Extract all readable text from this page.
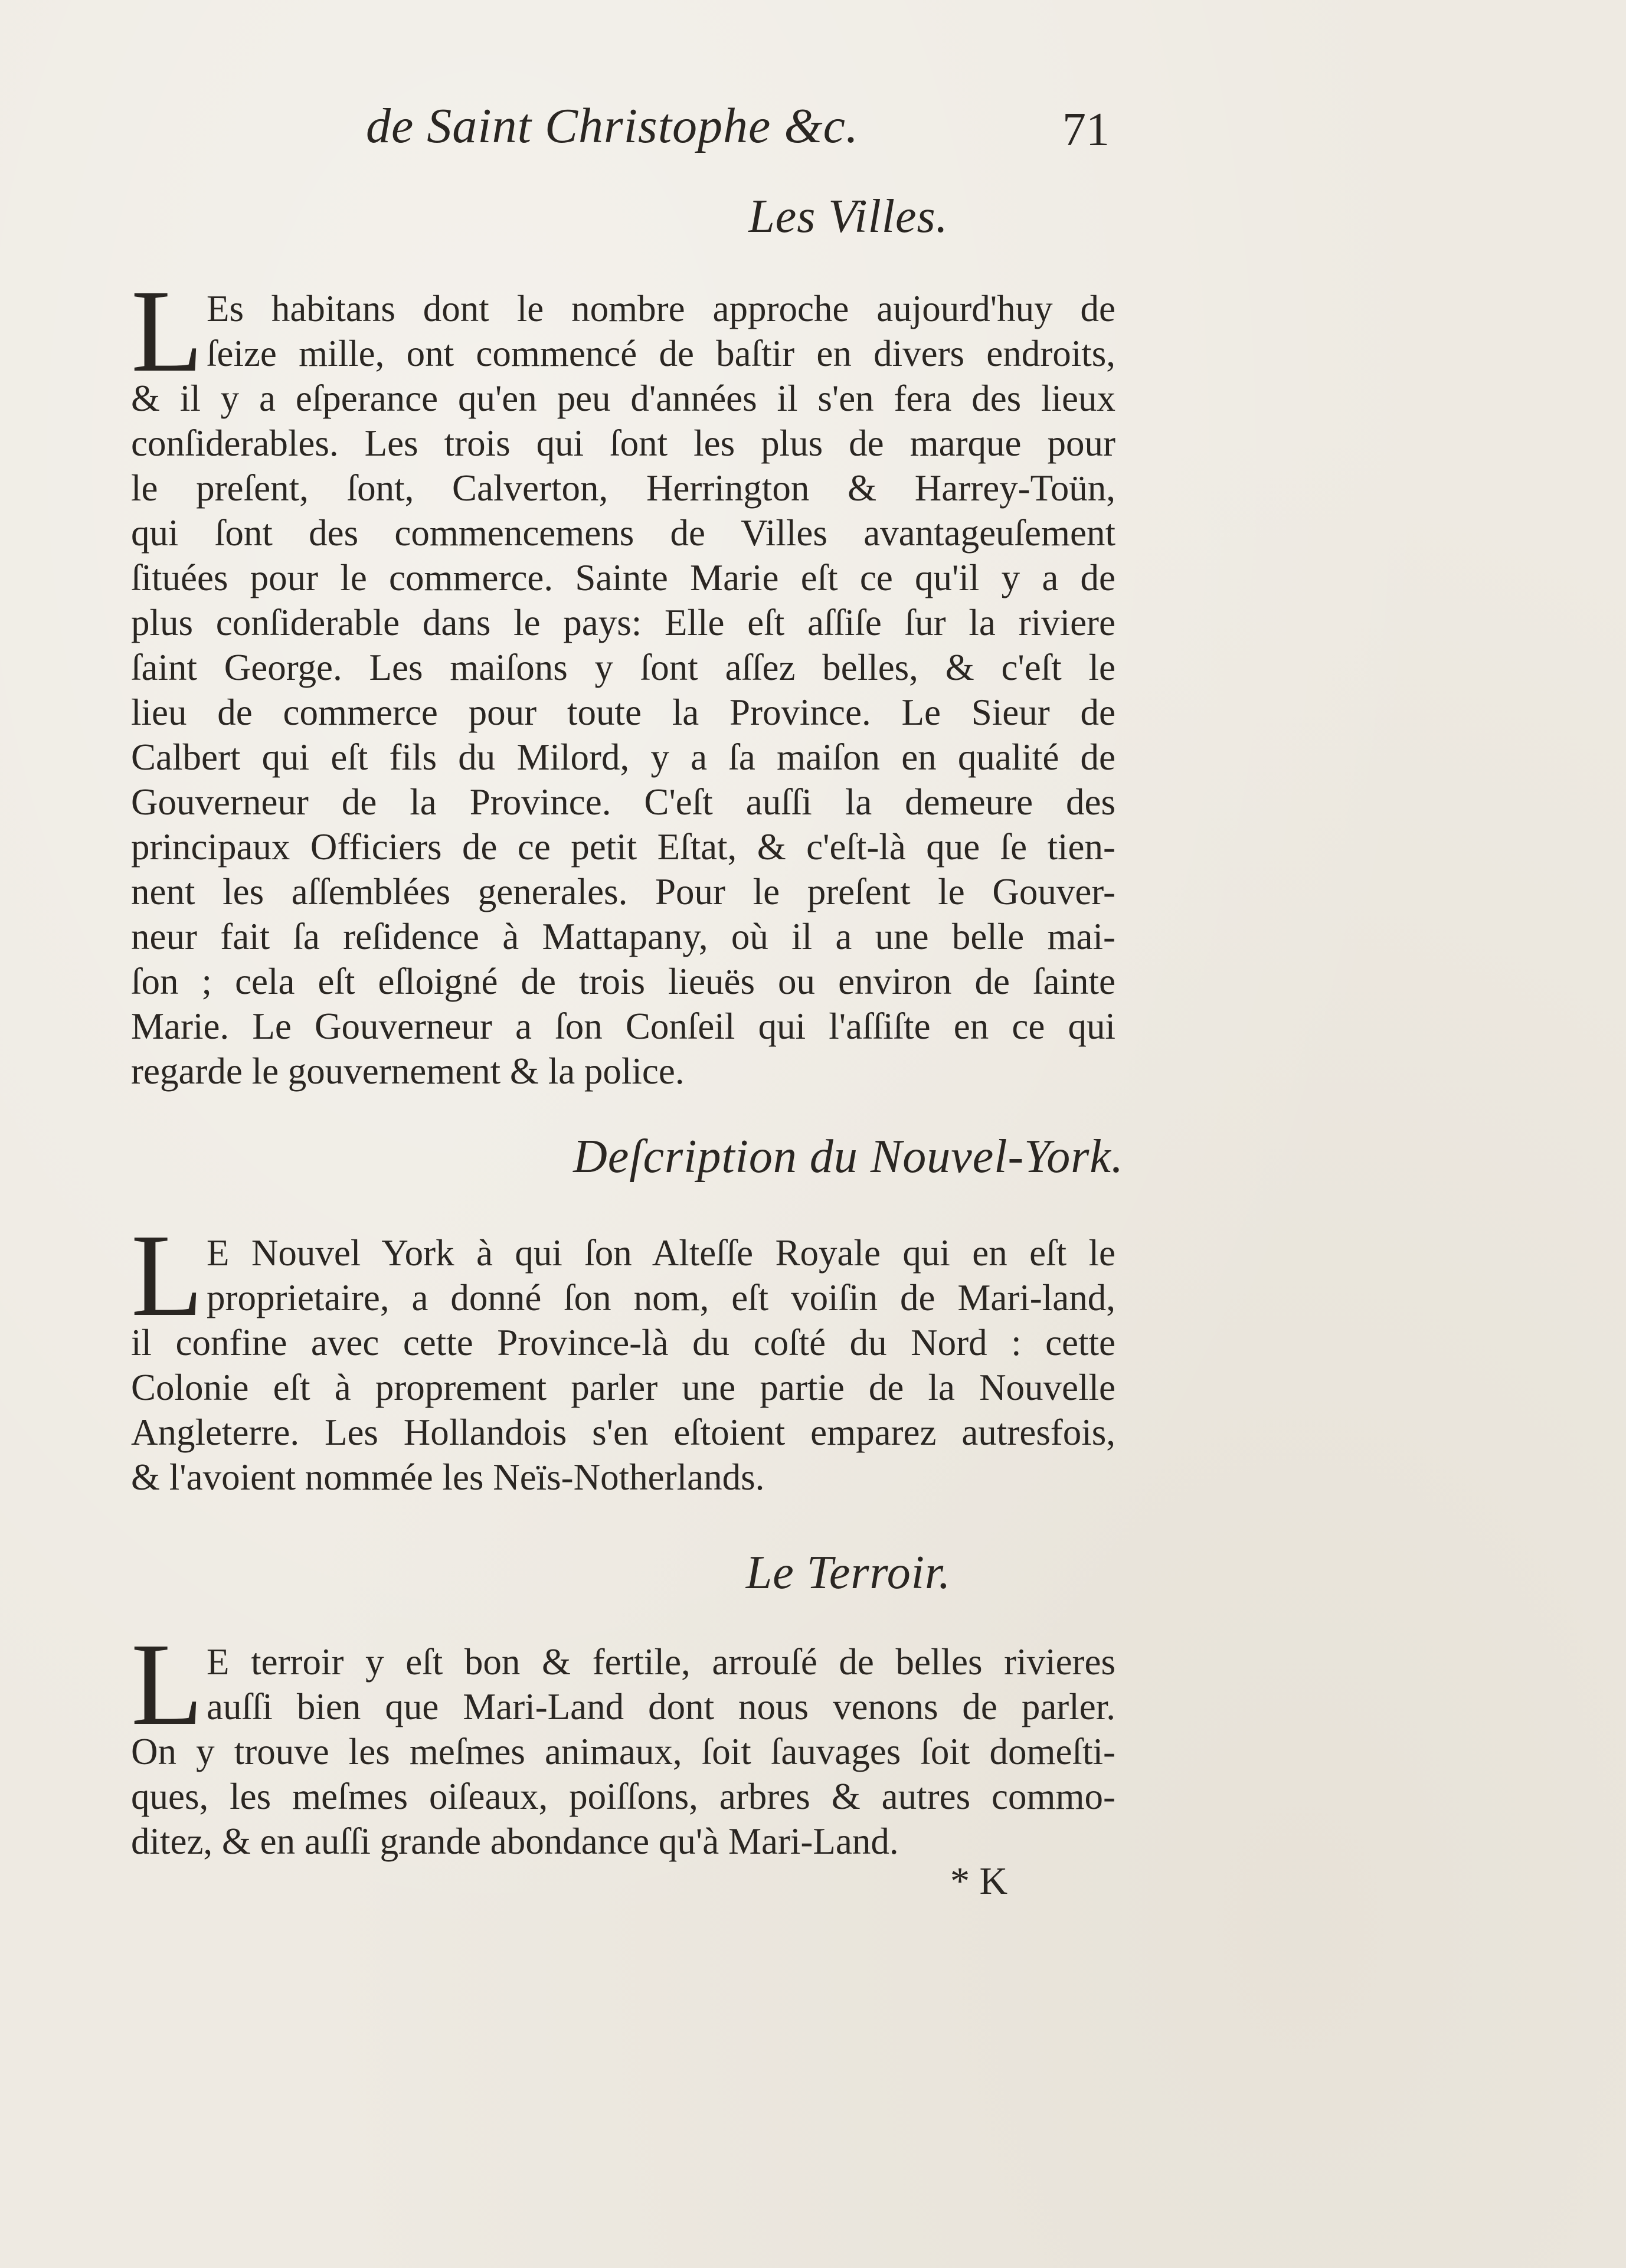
de Saint Christophe &c.	71
Les Villes.
L Es habitans dont le nombre approche aujourd'huy de
ſeize mille, ont commencé de baſtir en divers endroits,
& il y a eſperance qu'en peu d'années il s'en fera des lieux
conſiderables. Les trois qui ſont les plus de marque pour
le preſent, ſont, Calverton, Herrington & Harrey-Toün,
qui ſont des commencemens de Villes avantageuſement
ſituées pour le commerce. Sainte Marie eſt ce qu'il y a de
plus conſiderable dans le pays: Elle eſt aſſiſe ſur la riviere
ſaint George. Les maiſons y ſont aſſez belles, & c'eſt le
lieu de commerce pour toute la Province. Le Sieur de
Calbert qui eſt fils du Milord, y a ſa maiſon en qualité de
Gouverneur de la Province. C'eſt auſſi la demeure des
principaux Officiers de ce petit Eſtat, & c'eſt-là que ſe tien-
nent les aſſemblées generales. Pour le preſent le Gouver-
neur fait ſa reſidence à Mattapany, où il a une belle mai-
ſon ; cela eſt eſloigné de trois lieuës ou environ de ſainte
Marie. Le Gouverneur a ſon Conſeil qui l'aſſiſte en ce qui
regarde le gouvernement & la police.
Deſcription du Nouvel-York.
L E Nouvel York à qui ſon Alteſſe Royale qui en eſt le
proprietaire, a donné ſon nom, eſt voiſin de Mari-land,
il confine avec cette Province-là du coſté du Nord : cette
Colonie eſt à proprement parler une partie de la Nouvelle
Angleterre. Les Hollandois s'en eſtoient emparez autresfois,
& l'avoient nommée les Neïs-Notherlands.
Le Terroir.
L E terroir y eſt bon & fertile, arrouſé de belles rivieres
auſſi bien que Mari-Land dont nous venons de parler.
On y trouve les meſmes animaux, ſoit ſauvages ſoit domeſti-
ques, les meſmes oiſeaux, poiſſons, arbres & autres commo-
ditez, & en auſſi grande abondance qu'à Mari-Land.
* K
